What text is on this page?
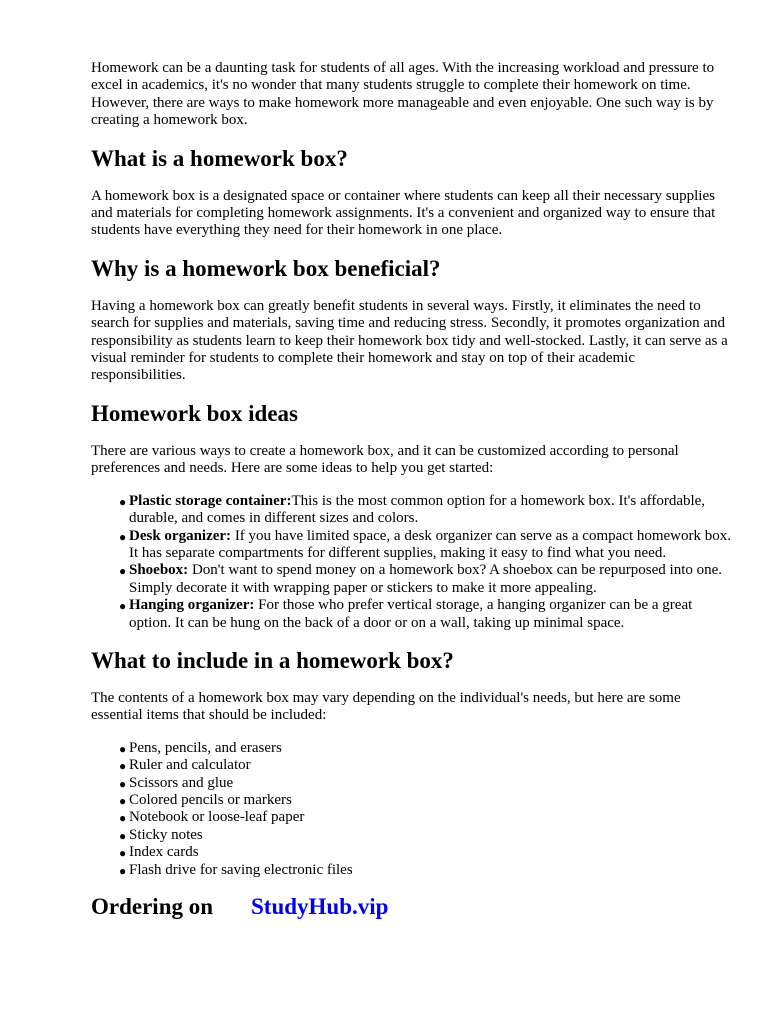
Homework can be a daunting task for students of all ages. With the increasing workload and pressure to excel in academics, it's no wonder that many students struggle to complete their homework on time. However, there are ways to make homework more manageable and even enjoyable. One such way is by creating a homework box.

What is a homework box?

A homework box is a designated space or container where students can keep all their necessary supplies and materials for completing homework assignments. It's a convenient and organized way to ensure that students have everything they need for their homework in one place.

Why is a homework box beneficial?

Having a homework box can greatly benefit students in several ways. Firstly, it eliminates the need to search for supplies and materials, saving time and reducing stress. Secondly, it promotes organization and responsibility as students learn to keep their homework box tidy and well-stocked. Lastly, it can serve as a visual reminder for students to complete their homework and stay on top of their academic responsibilities.

Homework box ideas

There are various ways to create a homework box, and it can be customized according to personal preferences and needs. Here are some ideas to help you get started:

● Plastic storage container:This is the most common option for a homework box. It's affordable, durable, and comes in different sizes and colors.
● Desk organizer: If you have limited space, a desk organizer can serve as a compact homework box. It has separate compartments for different supplies, making it easy to find what you need.
● Shoebox: Don't want to spend money on a homework box? A shoebox can be repurposed into one. Simply decorate it with wrapping paper or stickers to make it more appealing.
● Hanging organizer: For those who prefer vertical storage, a hanging organizer can be a great option. It can be hung on the back of a door or on a wall, taking up minimal space.
What to include in a homework box?

The contents of a homework box may vary depending on the individual's needs, but here are some essential items that should be included:

● Pens, pencils, and erasers
● Ruler and calculator
● Scissors and glue
● Colored pencils or markers
● Notebook or loose-leaf paper
● Sticky notes
● Index cards
● Flash drive for saving electronic files
Ordering on	StudyHub.vip
